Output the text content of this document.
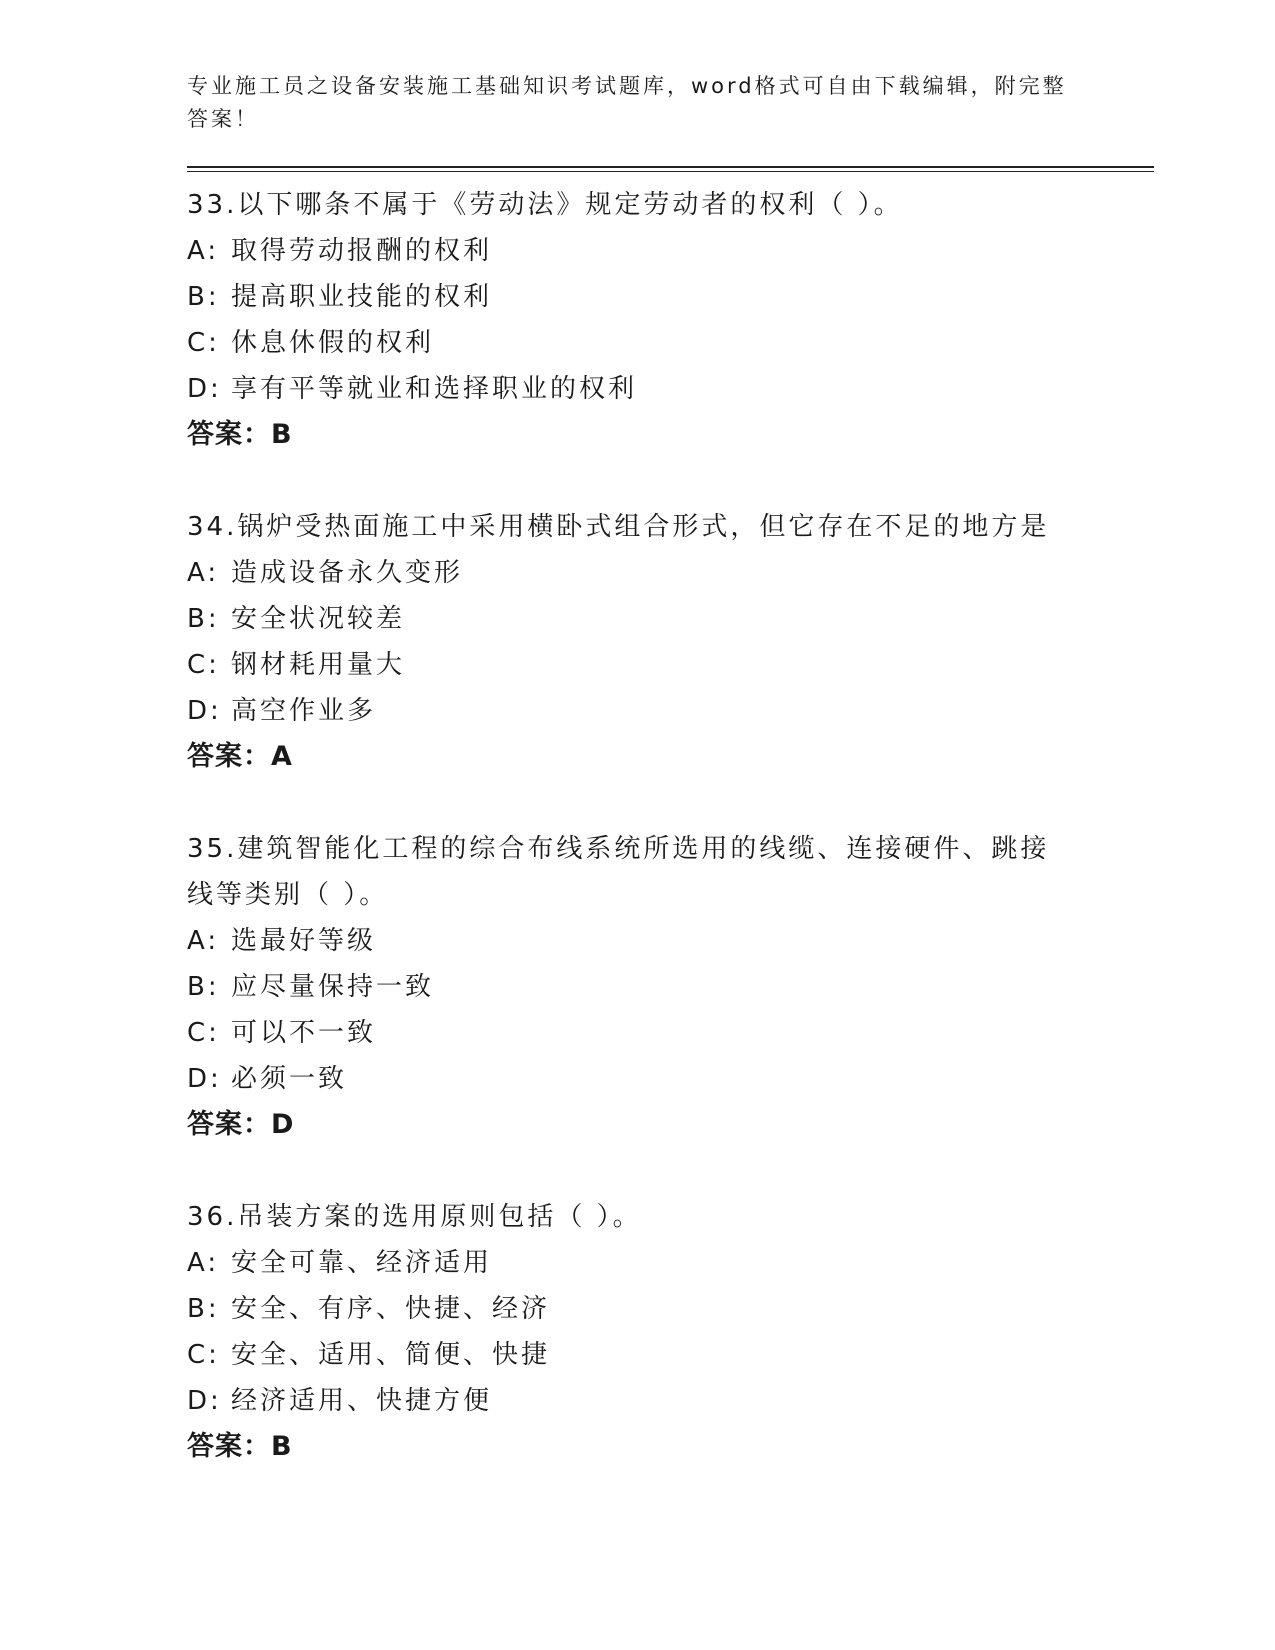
专业施工员之设备安装施工基础知识考试题库，word格式可自由下载编辑，附完整答案！
33.以下哪条不属于《劳动法》规定劳动者的权利（ ）。
A: 取得劳动报酬的权利
B: 提高职业技能的权利
C: 休息休假的权利
D: 享有平等就业和选择职业的权利
答案：B
34.锅炉受热面施工中采用横卧式组合形式，但它存在不足的地方是
A: 造成设备永久变形
B: 安全状况较差
C: 钢材耗用量大
D: 高空作业多
答案：A
35.建筑智能化工程的综合布线系统所选用的线缆、连接硬件、跳接线等类别（ ）。
A: 选最好等级
B: 应尽量保持一致
C: 可以不一致
D: 必须一致
答案：D
36.吊装方案的选用原则包括（ ）。
A: 安全可靠、经济适用
B: 安全、有序、快捷、经济
C: 安全、适用、简便、快捷
D: 经济适用、快捷方便
答案：B
